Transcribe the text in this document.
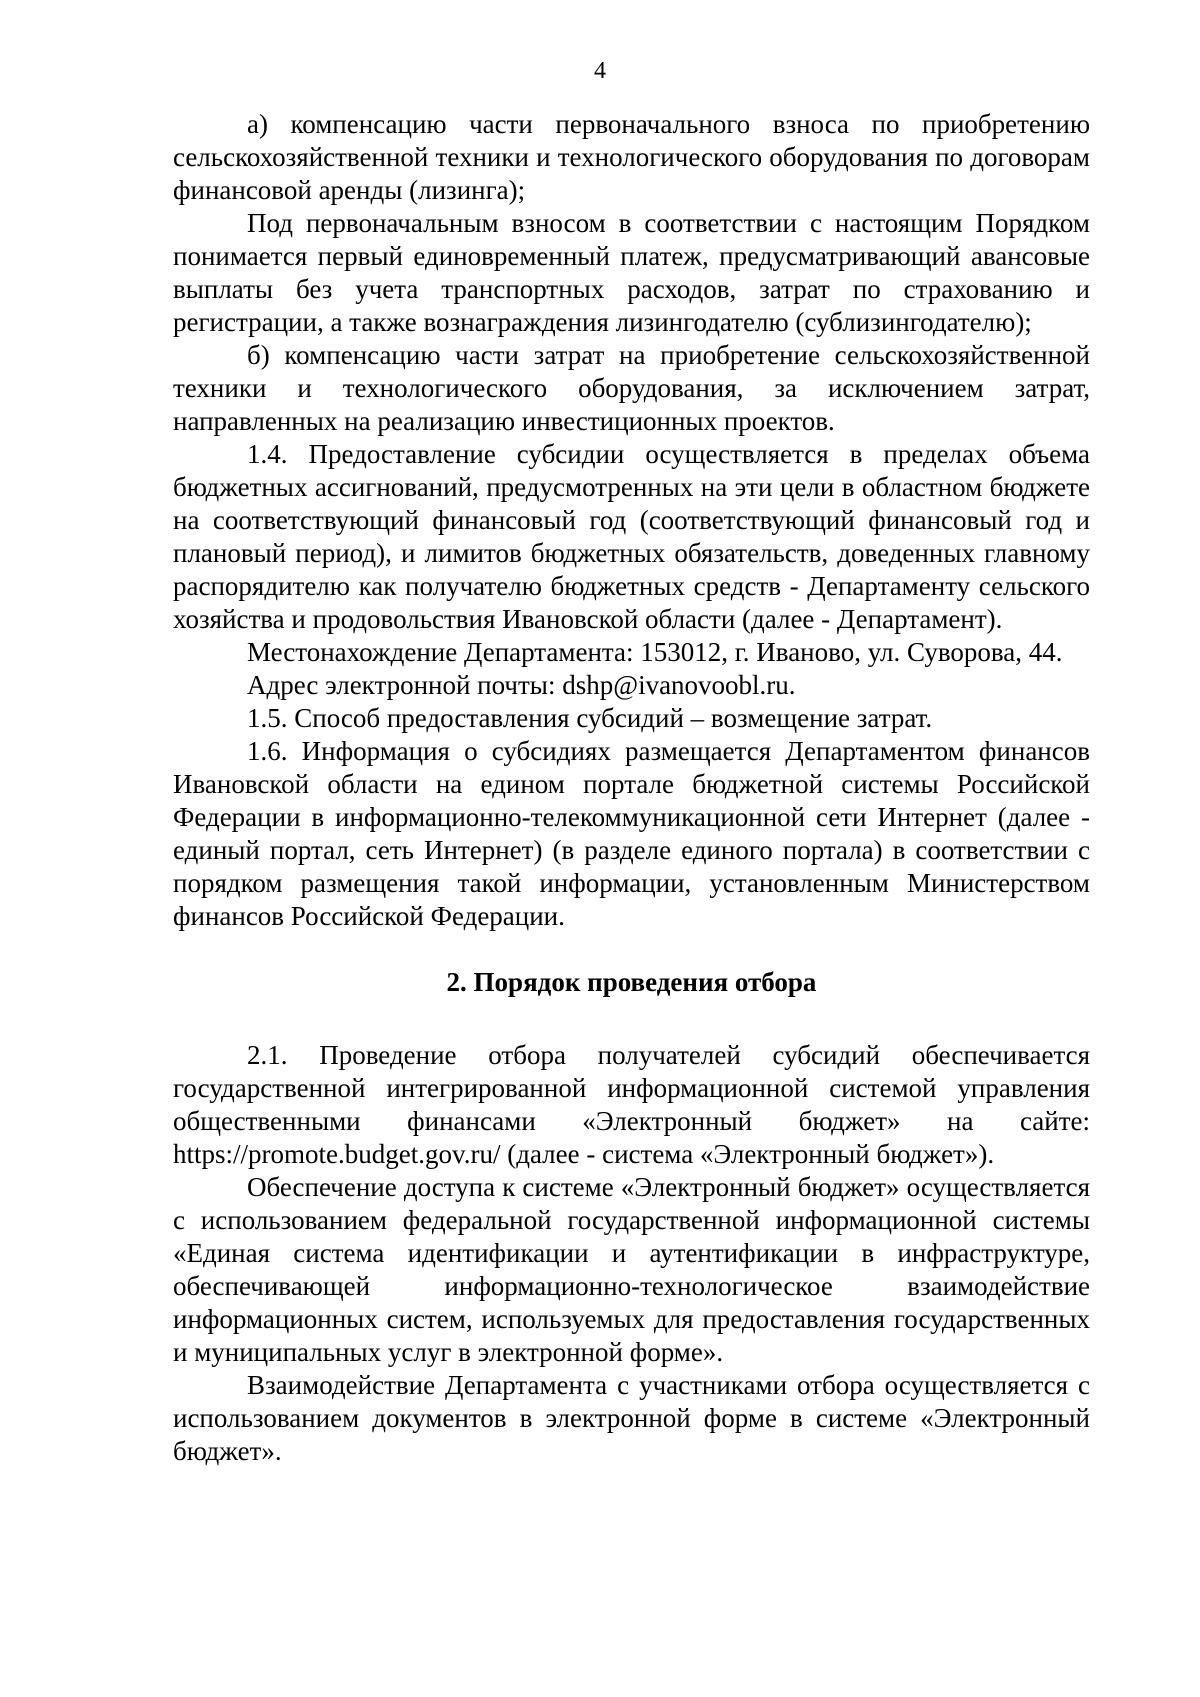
4

а) компенсацию части первоначального взноса по приобретению сельскохозяйственной техники и технологического оборудования по договорам финансовой аренды (лизинга);

Под первоначальным взносом в соответствии с настоящим Порядком понимается первый единовременный платеж, предусматривающий авансовые выплаты без учета транспортных расходов, затрат по страхованию и регистрации, а также вознаграждения лизингодателю (сублизингодателю);

б) компенсацию части затрат на приобретение сельскохозяйственной техники и технологического оборудования, за исключением затрат, направленных на реализацию инвестиционных проектов.

1.4. Предоставление субсидии осуществляется в пределах объема бюджетных ассигнований, предусмотренных на эти цели в областном бюджете на соответствующий финансовый год (соответствующий финансовый год и плановый период), и лимитов бюджетных обязательств, доведенных главному распорядителю как получателю бюджетных средств - Департаменту сельского хозяйства и продовольствия Ивановской области (далее - Департамент).

Местонахождение Департамента: 153012, г. Иваново, ул. Суворова, 44.

Адрес электронной почты: dshp@ivanovoobl.ru.

1.5. Способ предоставления субсидий – возмещение затрат.

1.6. Информация о субсидиях размещается Департаментом финансов Ивановской области на едином портале бюджетной системы Российской Федерации в информационно-телекоммуникационной сети Интернет (далее - единый портал, сеть Интернет) (в разделе единого портала) в соответствии с порядком размещения такой информации, установленным Министерством финансов Российской Федерации.

2. Порядок проведения отбора

2.1. Проведение отбора получателей субсидий обеспечивается государственной интегрированной информационной системой управления общественными финансами «Электронный бюджет» на сайте: https://promote.budget.gov.ru/ (далее - система «Электронный бюджет»).

Обеспечение доступа к системе «Электронный бюджет» осуществляется с использованием федеральной государственной информационной системы «Единая система идентификации и аутентификации в инфраструктуре, обеспечивающей информационно-технологическое взаимодействие информационных систем, используемых для предоставления государственных и муниципальных услуг в электронной форме».

Взаимодействие Департамента с участниками отбора осуществляется с использованием документов в электронной форме в системе «Электронный бюджет».
